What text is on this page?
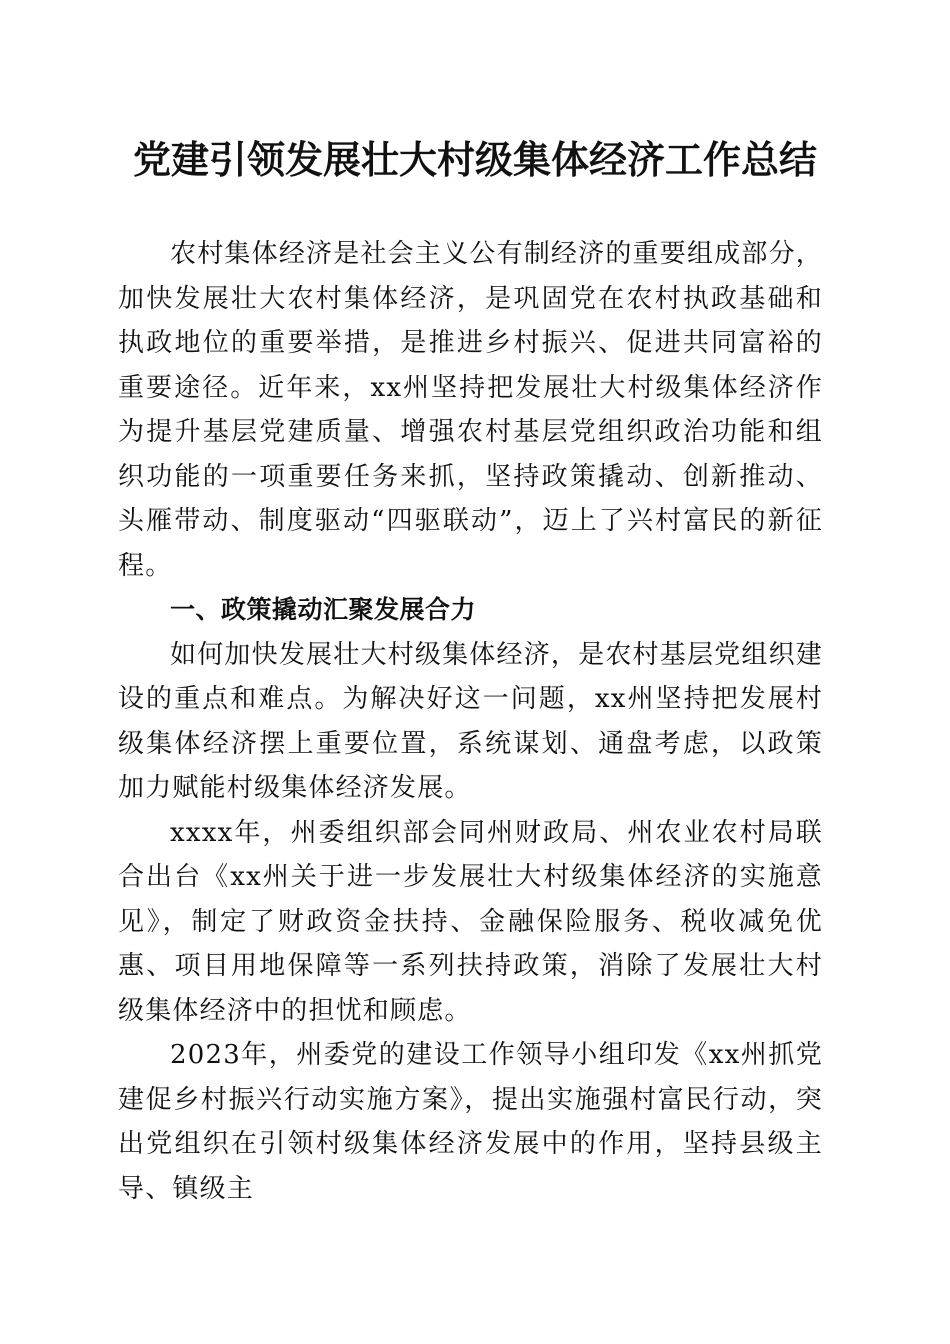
党建引领发展壮大村级集体经济工作总结

农村集体经济是社会主义公有制经济的重要组成部分，加快发展壮大农村集体经济，是巩固党在农村执政基础和执政地位的重要举措，是推进乡村振兴、促进共同富裕的重要途径。近年来，xx州坚持把发展壮大村级集体经济作为提升基层党建质量、增强农村基层党组织政治功能和组织功能的一项重要任务来抓，坚持政策撬动、创新推动、头雁带动、制度驱动“四驱联动”，迈上了兴村富民的新征程。

一、政策撬动汇聚发展合力

如何加快发展壮大村级集体经济，是农村基层党组织建设的重点和难点。为解决好这一问题，xx州坚持把发展村级集体经济摆上重要位置，系统谋划、通盘考虑，以政策加力赋能村级集体经济发展。

xxxx年，州委组织部会同州财政局、州农业农村局联合出台《xx州关于进一步发展壮大村级集体经济的实施意见》，制定了财政资金扶持、金融保险服务、税收减免优惠、项目用地保障等一系列扶持政策，消除了发展壮大村级集体经济中的担忧和顾虑。

2023年，州委党的建设工作领导小组印发《xx州抓党建促乡村振兴行动实施方案》，提出实施强村富民行动，突出党组织在引领村级集体经济发展中的作用，坚持县级主导、镇级主
